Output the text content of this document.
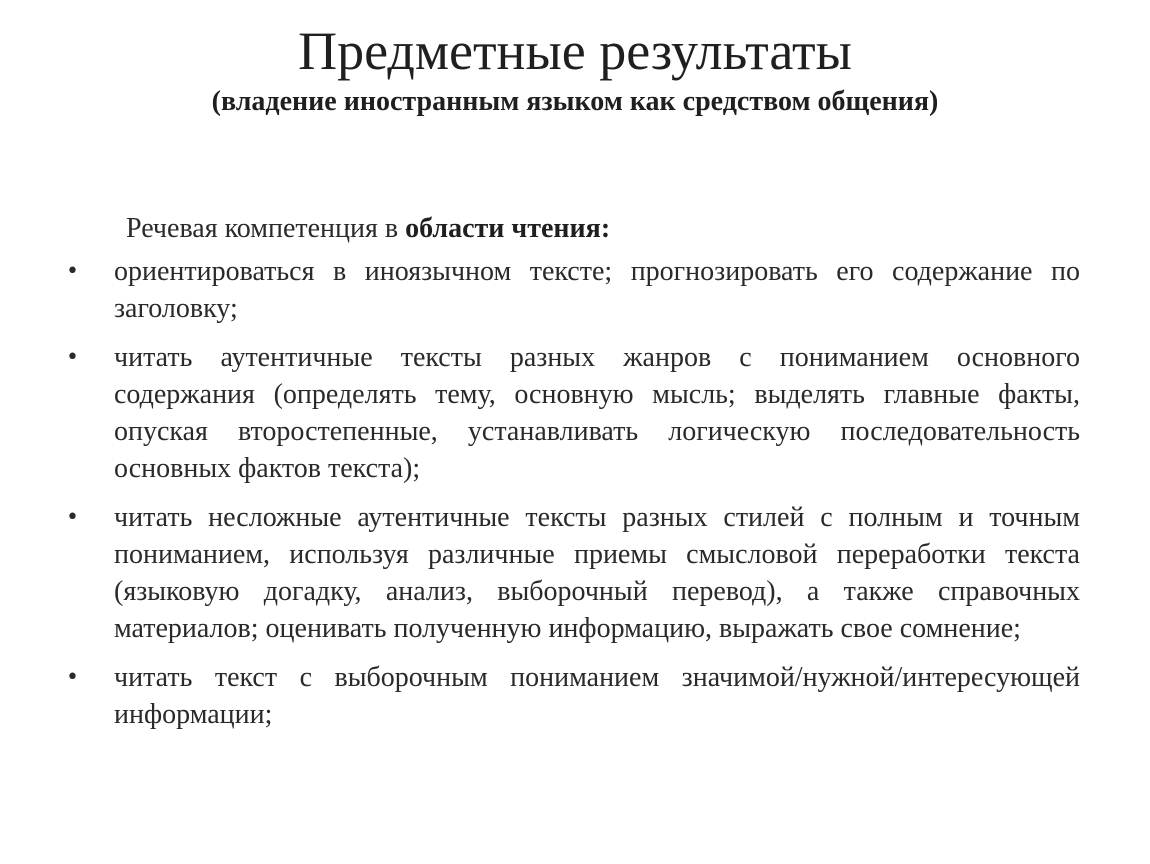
Предметные результаты
(владение иностранным языком как средством общения)

Речевая компетенция в области чтения:

• ориентироваться в иноязычном тексте; прогнозировать его содержание по заголовку;
• читать аутентичные тексты разных жанров с пониманием основного содержания (определять тему, основную мысль; выделять главные факты, опуская второстепенные, устанавливать логическую последовательность основных фактов текста);
• читать несложные аутентичные тексты разных стилей с полным и точным пониманием, используя различные приемы смысловой переработки текста (языковую догадку, анализ, выборочный перевод), а также справочных материалов; оценивать полученную информацию, выражать свое сомнение;
• читать текст с выборочным пониманием значимой/нужной/интересующей информации;
